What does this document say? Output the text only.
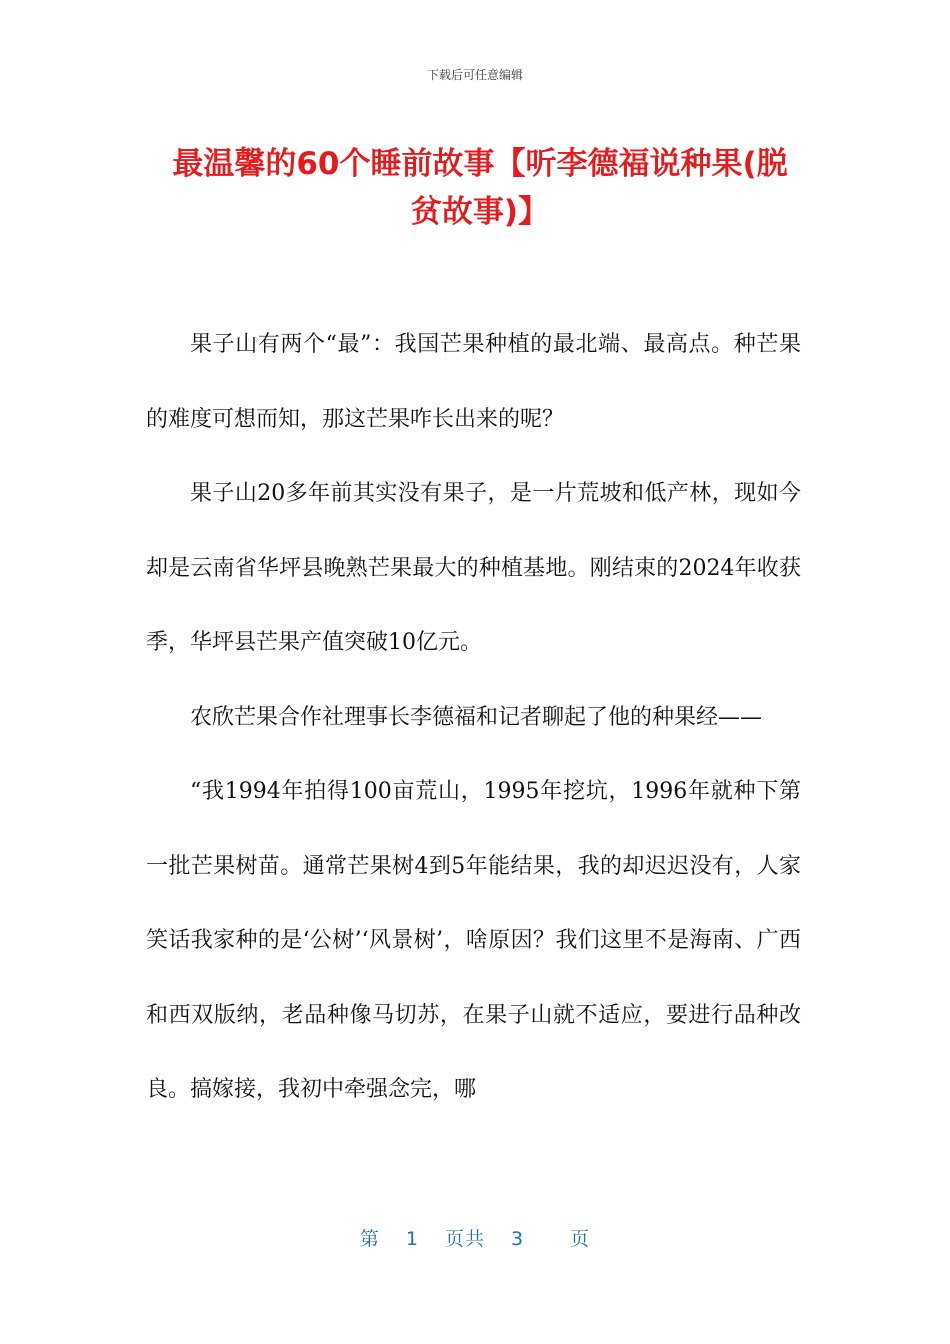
下载后可任意编辑
最温馨的60个睡前故事【听李德福说种果(脱贫故事)】

果子山有两个“最”：我国芒果种植的最北端、最高点。种芒果的难度可想而知，那这芒果咋长出来的呢？

果子山20多年前其实没有果子，是一片荒坡和低产林，现如今却是云南省华坪县晚熟芒果最大的种植基地。刚结束的2024年收获季，华坪县芒果产值突破10亿元。

农欣芒果合作社理事长李德福和记者聊起了他的种果经——

“我1994年拍得100亩荒山，1995年挖坑，1996年就种下第一批芒果树苗。通常芒果树4到5年能结果，我的却迟迟没有，人家笑话我家种的是‘公树’‘风景树’，啥原因？我们这里不是海南、广西和西双版纳，老品种像马切苏，在果子山就不适应，要进行品种改良。搞嫁接，我初中牵强念完，哪

第 1 页共 3 页
